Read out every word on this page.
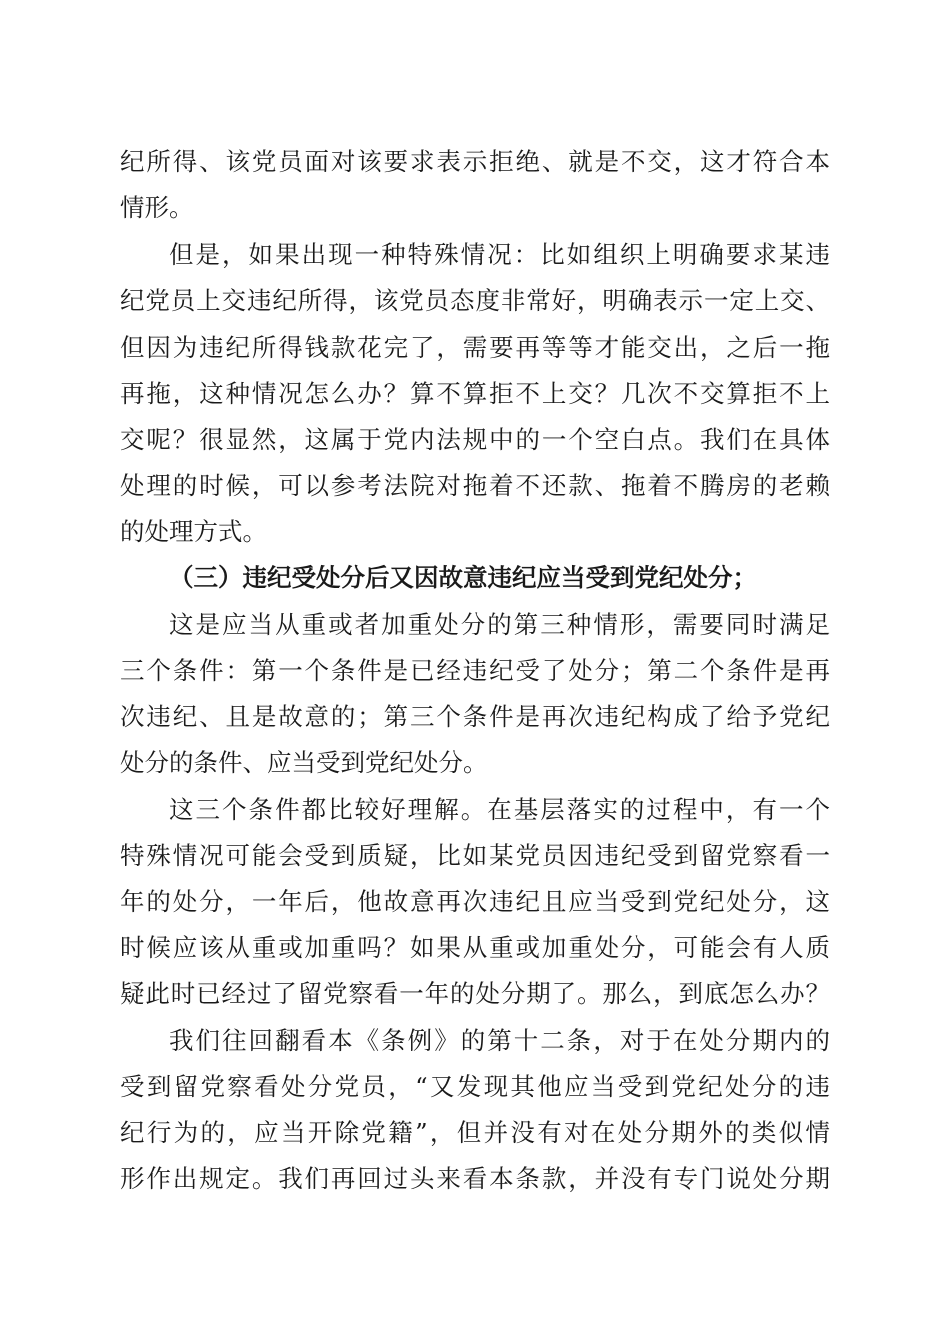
纪所得、该党员面对该要求表示拒绝、就是不交，这才符合本
情形。
但是，如果出现一种特殊情况：比如组织上明确要求某违
纪党员上交违纪所得，该党员态度非常好，明确表示一定上交、
但因为违纪所得钱款花完了，需要再等等才能交出，之后一拖
再拖，这种情况怎么办？算不算拒不上交？几次不交算拒不上
交呢？很显然，这属于党内法规中的一个空白点。我们在具体
处理的时候，可以参考法院对拖着不还款、拖着不腾房的老赖
的处理方式。
（三）违纪受处分后又因故意违纪应当受到党纪处分；
这是应当从重或者加重处分的第三种情形，需要同时满足
三个条件：第一个条件是已经违纪受了处分；第二个条件是再
次违纪、且是故意的；第三个条件是再次违纪构成了给予党纪
处分的条件、应当受到党纪处分。
这三个条件都比较好理解。在基层落实的过程中，有一个
特殊情况可能会受到质疑，比如某党员因违纪受到留党察看一
年的处分，一年后，他故意再次违纪且应当受到党纪处分，这
时候应该从重或加重吗？如果从重或加重处分，可能会有人质
疑此时已经过了留党察看一年的处分期了。那么，到底怎么办？
我们往回翻看本《条例》的第十二条，对于在处分期内的
受到留党察看处分党员，“又发现其他应当受到党纪处分的违
纪行为的，应当开除党籍”，但并没有对在处分期外的类似情
形作出规定。我们再回过头来看本条款，并没有专门说处分期
